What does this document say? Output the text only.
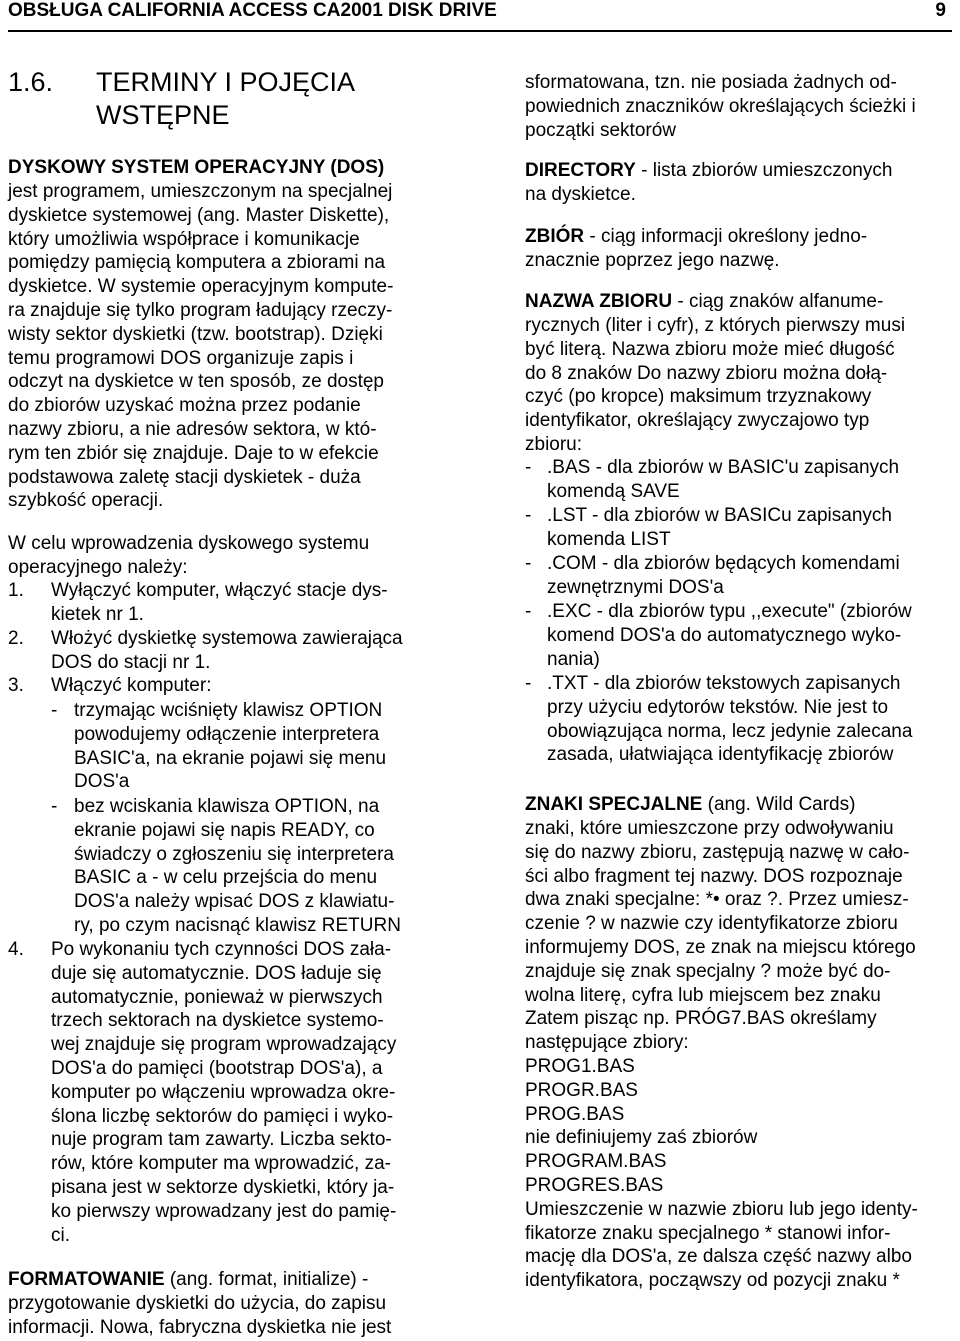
OBSŁUGA CALIFORNIA ACCESS CA2001 DISK DRIVE	9
1.6. TERMINY I POJĘCIA
WSTĘPNE
DYSKOWY SYSTEM OPERACYJNY (DOS)
jest programem, umieszczonym na specjalnej
dyskietce systemowej (ang. Master Diskette),
który umożliwia współprace i komunikacje
pomiędzy pamięcią komputera a zbiorami na
dyskietce. W systemie operacyjnym kompute-
ra znajduje się tylko program ładujący rzeczy-
wisty sektor dyskietki (tzw. bootstrap). Dzięki
temu programowi DOS organizuje zapis i
odczyt na dyskietce w ten sposób, ze dostęp
do zbiorów uzyskać można przez podanie
nazwy zbioru, a nie adresów sektora, w któ-
rym ten zbiór się znajduje. Daje to w efekcie
podstawowa zaletę stacji dyskietek - duża
szybkość operacji.
W celu wprowadzenia dyskowego systemu
operacyjnego należy:
1. Wyłączyć komputer, włączyć stacje dys-
kietek nr 1.
2. Włożyć dyskietkę systemowa zawierająca
DOS do stacji nr 1.
3. Włączyć komputer:
- trzymając wciśnięty klawisz OPTION
powodujemy odłączenie interpretera
BASIC'a, na ekranie pojawi się menu
DOS'a
- bez wciskania klawisza OPTION, na
ekranie pojawi się napis READY, co
świadczy o zgłoszeniu się interpretera
BASIC a - w celu przejścia do menu
DOS'a należy wpisać DOS z klawiatu-
ry, po czym nacisnąć klawisz RETURN
4. Po wykonaniu tych czynności DOS zała-
duje się automatycznie. DOS ładuje się
automatycznie, ponieważ w pierwszych
trzech sektorach na dyskietce systemo-
wej znajduje się program wprowadzający
DOS'a do pamięci (bootstrap DOS'a), a
komputer po włączeniu wprowadza okre-
ślona liczbę sektorów do pamięci i wyko-
nuje program tam zawarty. Liczba sekto-
rów, które komputer ma wprowadzić, za-
pisana jest w sektorze dyskietki, który ja-
ko pierwszy wprowadzany jest do pamię-
ci.
FORMATOWANIE (ang. format, initialize) -
przygotowanie dyskietki do użycia, do zapisu
informacji. Nowa, fabryczna dyskietka nie jest
sformatowana, tzn. nie posiada żadnych od-
powiednich znaczników określających ścieżki i
początki sektorów
DIRECTORY - lista zbiorów umieszczonych
na dyskietce.
ZBIÓR - ciąg informacji określony jedno-
znacznie poprzez jego nazwę.
NAZWA ZBIORU - ciąg znaków alfanume-
rycznych (liter i cyfr), z których pierwszy musi
być literą. Nazwa zbioru może mieć długość
do 8 znaków Do nazwy zbioru można dołą-
czyć (po kropce) maksimum trzyznakowy
identyfikator, określający zwyczajowo typ
zbioru:
- .BAS - dla zbiorów w BASIC'u zapisanych
komendą SAVE
- .LST - dla zbiorów w BASICu zapisanych
komenda LIST
- .COM - dla zbiorów będących komendami
zewnętrznymi DOS'a
- .EXC - dla zbiorów typu ,,execute" (zbiorów
komend DOS'a do automatycznego wyko-
nania)
- .TXT - dla zbiorów tekstowych zapisanych
przy użyciu edytorów tekstów. Nie jest to
obowiązująca norma, lecz jedynie zalecana
zasada, ułatwiająca identyfikację zbiorów
ZNAKI SPECJALNE (ang. Wild Cards)
znaki, które umieszczone przy odwoływaniu
się do nazwy zbioru, zastępują nazwę w cało-
ści albo fragment tej nazwy. DOS rozpoznaje
dwa znaki specjalne: *• oraz ?. Przez umiesz-
czenie ? w nazwie czy identyfikatorze zbioru
informujemy DOS, ze znak na miejscu którego
znajduje się znak specjalny ? może być do-
wolna literę, cyfra lub miejscem bez znaku
Zatem pisząc np. PRÓG7.BAS określamy
następujące zbiory:
PROG1.BAS
PROGR.BAS
PROG.BAS
nie definiujemy zaś zbiorów
PROGRAM.BAS
PROGRES.BAS
Umieszczenie w nazwie zbioru lub jego identy-
fikatorze znaku specjalnego * stanowi infor-
mację dla DOS'a, ze dalsza część nazwy albo
identyfikatora, począwszy od pozycji znaku *
